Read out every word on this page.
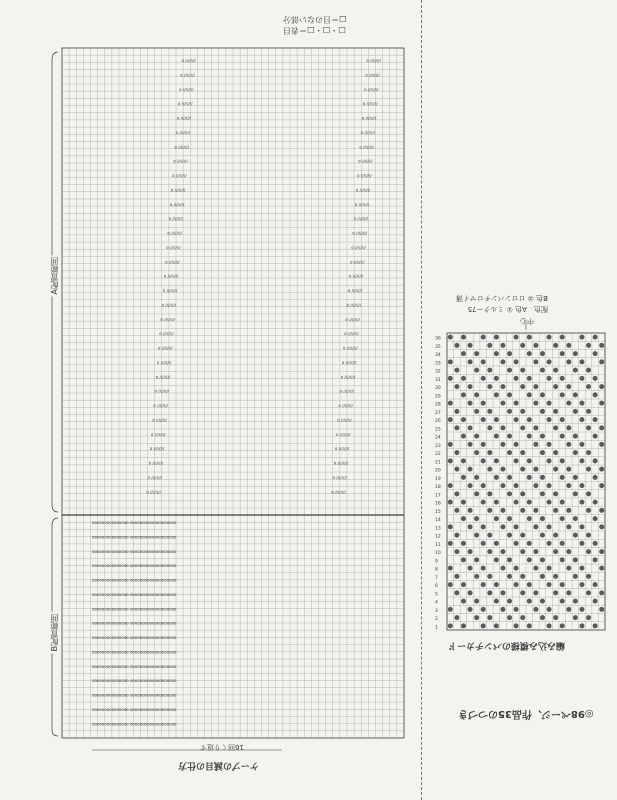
o ∕∕∕∕∕∕∕∕
o ∕∕∕∕∕∕∕∕
o ∕∕∕∕∕∕∕∕
o ∕∕∕∕∕∕∕∕
o ∕∕∕∕∕∕∕∕
o ∕∕∕∕∕∕∕∕
o ∕∕∕∕∕∕∕∕
o ∕∕∕∕∕∕∕∕
o ∕∕∕∕∕∕∕∕
o ∕∕∕∕∕∕∕∕
o ∕∕∕∕∕∕∕∕
o ∕∕∕∕∕∕∕∕
o ∕∕∕∕∕∕∕∕
o ∕∕∕∕∕∕∕∕
o ∕∕∕∕∕∕∕∕
o ∕∕∕∕∕∕∕∕
o ∕∕∕∕∕∕∕∕
o ∕∕∕∕∕∕∕∕
o ∕∕∕∕∕∕∕∕
o ∕∕∕∕∕∕∕∕
o ∕∕∕∕∕∕∕∕
o ∕∕∕∕∕∕∕∕
o ∕∕∕∕∕∕∕∕
o ∕∕∕∕∕∕∕∕
o ∕∕∕∕∕∕∕∕
o ∕∕∕∕∕∕∕∕
o ∕∕∕∕∕∕∕∕
o ∕∕∕∕∕∕∕∕
o ∕∕∕∕∕∕∕∕
o ∕∕∕∕∕∕∕∕
o ∕∕∕∕∕∕∕∕
o ∕∕∕∕∕∕∕∕
o ∕∕∕∕∕∕∕∕
o ∕∕∕∕∕∕∕∕
o ∕∕∕∕∕∕∕∕
o ∕∕∕∕∕∕∕∕
o ∕∕∕∕∕∕∕∕
o ∕∕∕∕∕∕∕∕
o ∕∕∕∕∕∕∕∕
o ∕∕∕∕∕∕∕∕
o ∕∕∕∕∕∕∕∕
o ∕∕∕∕∕∕∕∕
o ∕∕∕∕∕∕∕∕
o ∕∕∕∕∕∕∕∕
o ∕∕∕∕∕∕∕∕
o ∕∕∕∕∕∕∕∕
o ∕∕∕∕∕∕∕∕
o ∕∕∕∕∕∕∕∕
o ∕∕∕∕∕∕∕∕
o ∕∕∕∕∕∕∕∕
o ∕∕∕∕∕∕∕∕
o ∕∕∕∕∕∕∕∕
o ∕∕∕∕∕∕∕∕
o ∕∕∕∕∕∕∕∕
o ∕∕∕∕∕∕∕∕
o ∕∕∕∕∕∕∕∕
o ∕∕∕∕∕∕∕∕
o ∕∕∕∕∕∕∕∕
o ∕∕∕∕∕∕∕∕
o ∕∕∕∕∕∕∕∕
o ∕∕∕∕∕∕∕∕
o ∕∕∕∕∕∕∕∕
ooooooooooooooo ooooooooooooooooooo
ooooooooooooooo ooooooooooooooooooo
ooooooooooooooo ooooooooooooooooooo
ooooooooooooooo ooooooooooooooooooo
ooooooooooooooo ooooooooooooooooooo
ooooooooooooooo ooooooooooooooooooo
ooooooooooooooo ooooooooooooooooooo
ooooooooooooooo ooooooooooooooooooo
ooooooooooooooo ooooooooooooooooooo
ooooooooooooooo ooooooooooooooooooo
ooooooooooooooo ooooooooooooooooooo
ooooooooooooooo ooooooooooooooooooo
ooooooooooooooo ooooooooooooooooooo
ooooooooooooooo ooooooooooooooooooo
ooooooooooooooo ooooooooooooooooooo
36
35
34
33
32
31
30
29
28
27
26
25
24
23
22
21
20
19
18
17
16
15
14
13
12
11
10
9
8
7
6
5
4
3
2
1
□・□・□＝表目
□＝目のない部分
A配置範囲
B配置範囲
16回くり返す
ケープの減目の仕方
配色　A色 ① ミルクー75
B色 ② ロロンバンチロマイ薄
中心
編み込み模様のパンチカード
◎98ページ、作品35のつづき
